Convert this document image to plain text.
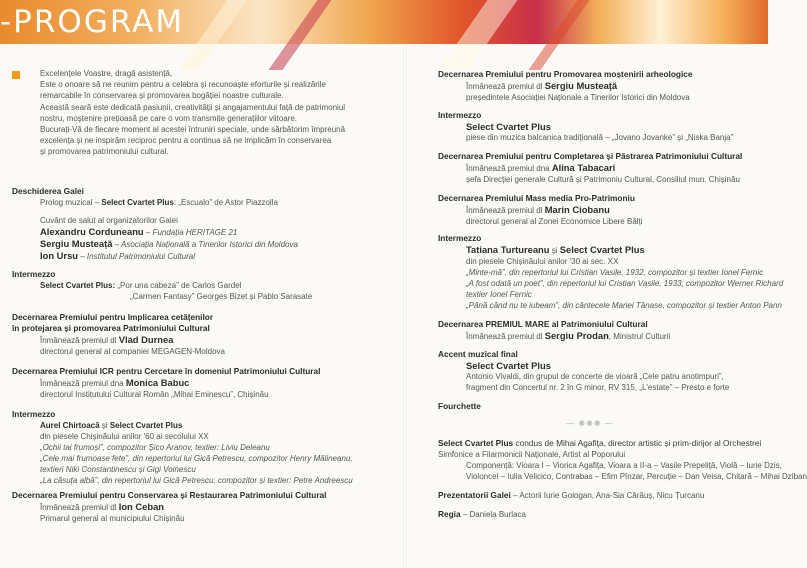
-PROGRAM
Excelențele Voastre, dragă asistență,
Este o onoare să ne reunim pentru a celebra și recunoaște eforturile și realizările
remarcabile în conservarea și promovarea bogăției noastre culturale.
Această seară este dedicată pasiunii, creativității și angajamentului față de patrimoniul
nostru, moștenire prețioasă pe care o vom transmite generațiilor viitoare.
Bucurați-Vă de fiecare moment al acestei întruniri speciale, unde sărbătorim împreună
excelența și ne inspirăm reciproc pentru a continua să ne implicăm în conservarea
și promovarea patrimoniului cultural.
Deschiderea Galei
Prolog muzical – Select Cvartet Plus: „Escualo” de Astor Piazzolla
Cuvânt de salut al organizatorilor Galei
Alexandru Corduneanu – Fundația HERITAGE 21
Sergiu Musteață – Asociația Națională a Tinerilor Istorici din Moldova
Ion Ursu – Institutul Patrimoniului Cultural
Intermezzo
Select Cvartet Plus: „Por una cabeza” de Carlos Gardel
„Carmen Fantasy” Georges Bizet și Pablo Sarasate
Decernarea Premiului pentru Implicarea cetățenilor
în protejarea și promovarea Patrimoniului Cultural
Înmânează premiul dl Vlad Durnea
directorul general al companiei MEGAGEN-Moldova
Decernarea Premiului ICR pentru Cercetare în domeniul Patrimoniului Cultural
Înmânează premiul dna Monica Babuc
directorul Institutului Cultural Român „Mihai Eminescu”, Chișinău
Intermezzo
Aurel Chirtoacă și Select Cvartet Plus
din piesele Chișinăului anilor '60 ai secolului XX
„Ochii tai frumoși”, compozitor Șico Aranov, textier: Liviu Deleanu
„Cele mai frumoase fete”, din repertoriul lui Gică Petrescu, compozitor Henry Mălineanu,
textieri Niki Constantinescu și Gigi Voinescu
„La căsuța albă”, din repertoriul lui Gică Petrescu, compozitor și textier: Petre Andreescu
Decernarea Premiului pentru Conservarea și Restaurarea Patrimoniului Cultural
Înmânează premiul dl Ion Ceban
Primarul general al municipiului Chișinău
Decernarea Premiului pentru Promovarea moștenirii arheologice
Înmânează premiul dl Sergiu Musteață
președintele Asociației Naționale a Tinerilor Istorici din Moldova
Intermezzo
Select Cvartet Plus
piese din muzica balcanica tradițională – „Jovano Jovanke” și „Niska Banja”
Decernarea Premiului pentru Completarea și Păstrarea Patrimoniului Cultural
Înmânează premiul dna Alina Tabacari
șefa Direcției generale Cultură și Patrimoniu Cultural, Consiliul mun. Chișinău
Decernarea Premiului Mass media Pro-Patrimoniu
Înmânează premiul dl Marin Ciobanu
directorul general al Zonei Economice Libere Bălți
Intermezzo
Tatiana Turtureanu și Select Cvartet Plus
din piesele Chișinăului anilor '30 ai sec. XX
„Minte-mă”, din repertoriul lui Cristian Vasile, 1932, compozitor și textier Ionel Fernic
„A fost odată un poet”, din repertoriul lui Cristian Vasile, 1933, compozitor Werner Richard
textier Ionel Fernic
„Până când nu te iubeam”, din cântecele Mariei Tănase, compozitor și textier Anton Pann
Decernarea PREMIUL MARE al Patrimoniului Cultural
Înmânează premiul dl Sergiu Prodan, Ministrul Culturii
Accent muzical final
Select Cvartet Plus
Antonio Vivaldi, din grupul de concerte de vioară „Cele patru anotimpuri”,
fragment din Concertul nr. 2 în G minor, RV 315, „L'estate” – Presto e forte
Fourchette
— ❋❋❋ —
Select Cvartet Plus condus de Mihai Agafița, director artistic și prim-dirijor al Orchestrei
Simfonice a Filarmonicii Naționale, Artist al Poporului
Componență: Vioara I – Viorica Agafița, Vioara a II-a – Vasile Prepeliță, Violă – Iurie Dzis,
Violoncel – Iulia Velicico, Contrabas – Efim Pînzar, Percuție – Dan Veisa, Chitară – Mihai Dziban
Prezentatorii Galei – Actorii Iurie Gologan, Ana-Sia Cărăuș, Nicu Țurcanu
Regia – Daniela Burlaca
